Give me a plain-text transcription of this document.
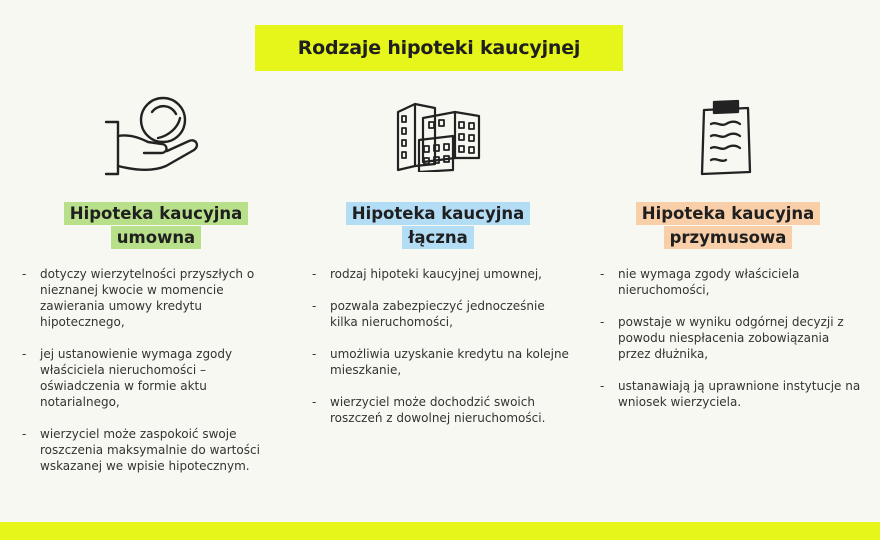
Rodzaje hipoteki kaucyjnej
Hipoteka kaucyjna
umowna
Hipoteka kaucyjna
łączna
Hipoteka kaucyjna
przymusowa
- dotyczy wierzytelności przyszłych o nieznanej kwocie w momencie zawierania umowy kredytu hipotecznego,
- jej ustanowienie wymaga zgody właściciela nieruchomości – oświadczenia w formie aktu notarialnego,
- wierzyciel może zaspokoić swoje roszczenia maksymalnie do wartości wskazanej we wpisie hipotecznym.
- rodzaj hipoteki kaucyjnej umownej,
- pozwala zabezpieczyć jednocześnie kilka nieruchomości,
- umożliwia uzyskanie kredytu na kolejne mieszkanie,
- wierzyciel może dochodzić swoich roszczeń z dowolnej nieruchomości.
- nie wymaga zgody właściciela nieruchomości,
- powstaje w wyniku odgórnej decyzji z powodu niespłacenia zobowiązania przez dłużnika,
- ustanawiają ją uprawnione instytucje na wniosek wierzyciela.
